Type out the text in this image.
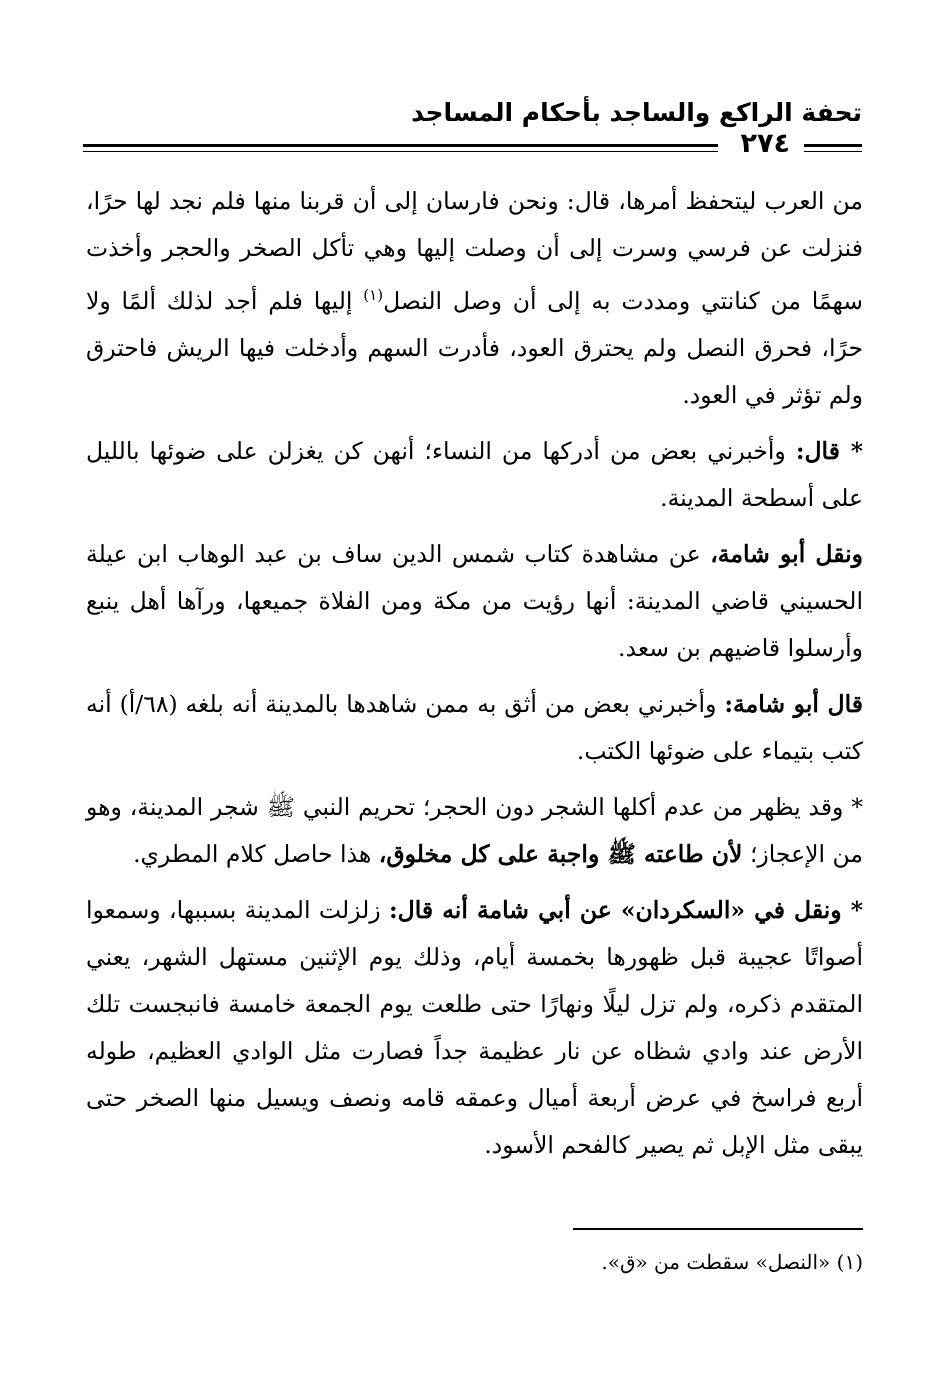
تحفة الراكع والساجد بأحكام المساجد
٢٧٤

من العرب ليتحفظ أمرها، قال: ونحن فارسان إلى أن قربنا منها فلم نجد لها حرًا، فنزلت عن فرسي وسرت إلى أن وصلت إليها وهي تأكل الصخر والحجر وأخذت سهمًا من كنانتي ومددت به إلى أن وصل النصل$^{(١)}$ إليها فلم أجد لذلك ألمًا ولا حرًا، فحرق النصل ولم يحترق العود، فأدرت السهم وأدخلت فيها الريش فاحترق ولم تؤثر في العود.

* قال: وأخبرني بعض من أدركها من النساء؛ أنهن كن يغزلن على ضوئها بالليل على أسطحة المدينة.

ونقل أبو شامة، عن مشاهدة كتاب شمس الدين ساف بن عبد الوهاب ابن عيلة الحسيني قاضي المدينة: أنها رؤيت من مكة ومن الفلاة جميعها، ورآها أهل ينبع وأرسلوا قاضيهم بن سعد.

قال أبو شامة: وأخبرني بعض من أثق به ممن شاهدها بالمدينة أنه بلغه (٦٨/أ) أنه كتب بتيماء على ضوئها الكتب.

* وقد يظهر من عدم أكلها الشجر دون الحجر؛ تحريم النبي ﷺ شجر المدينة، وهو من الإعجاز؛ لأن طاعته ﷺ واجبة على كل مخلوق، هذا حاصل كلام المطري.

* ونقل في «السكردان» عن أبي شامة أنه قال: زلزلت المدينة بسببها، وسمعوا أصواتًا عجيبة قبل ظهورها بخمسة أيام، وذلك يوم الإثنين مستهل الشهر، يعني المتقدم ذكره، ولم تزل ليلًا ونهارًا حتى طلعت يوم الجمعة خامسة فانبجست تلك الأرض عند وادي شظاه عن نار عظيمة جداً فصارت مثل الوادي العظيم، طوله أربع فراسخ في عرض أربعة أميال وعمقه قامه ونصف ويسيل منها الصخر حتى يبقى مثل الإبل ثم يصير كالفحم الأسود.

(١) «النصل» سقطت من «ق».
